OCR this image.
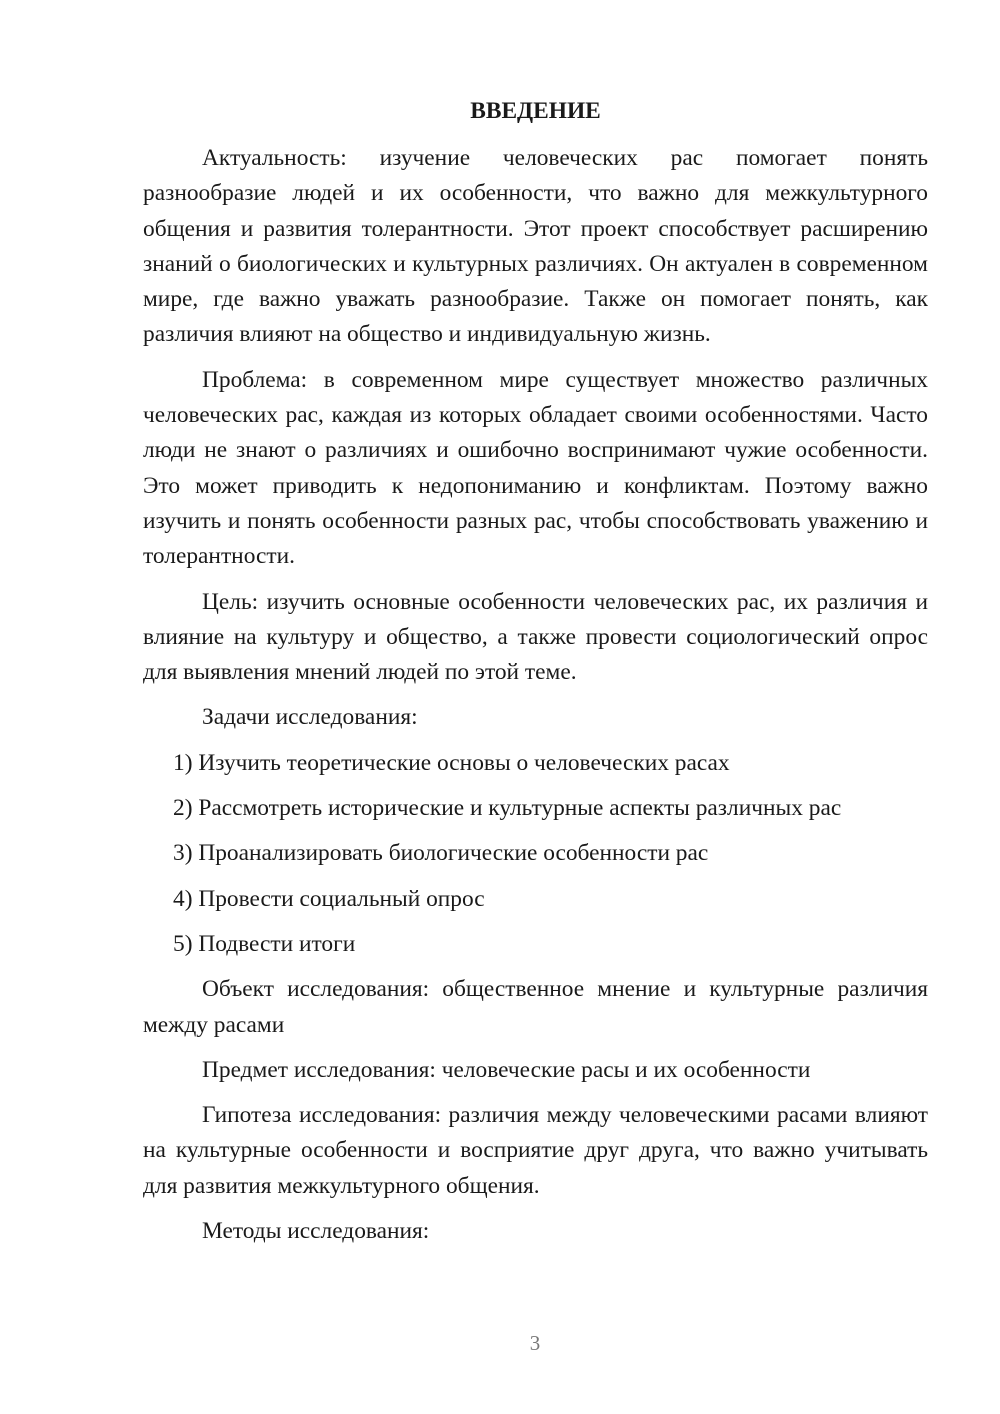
ВВЕДЕНИЕ

Актуальность: изучение человеческих рас помогает понять разнообразие людей и их особенности, что важно для межкультурного общения и развития толерантности. Этот проект способствует расширению знаний о биологических и культурных различиях. Он актуален в современном мире, где важно уважать разнообразие. Также он помогает понять, как различия влияют на общество и индивидуальную жизнь.

Проблема: в современном мире существует множество различных человеческих рас, каждая из которых обладает своими особенностями. Часто люди не знают о различиях и ошибочно воспринимают чужие особенности. Это может приводить к недопониманию и конфликтам. Поэтому важно изучить и понять особенности разных рас, чтобы способствовать уважению и толерантности.

Цель: изучить основные особенности человеческих рас, их различия и влияние на культуру и общество, а также провести социологический опрос для выявления мнений людей по этой теме.

Задачи исследования:

1) Изучить теоретические основы о человеческих расах

2) Рассмотреть исторические и культурные аспекты различных рас

3) Проанализировать биологические особенности рас

4) Провести социальный опрос

5) Подвести итоги

Объект исследования: общественное мнение и культурные различия между расами

Предмет исследования: человеческие расы и их особенности

Гипотеза исследования: различия между человеческими расами влияют на культурные особенности и восприятие друг друга, что важно учитывать для развития межкультурного общения.

Методы исследования:

3
